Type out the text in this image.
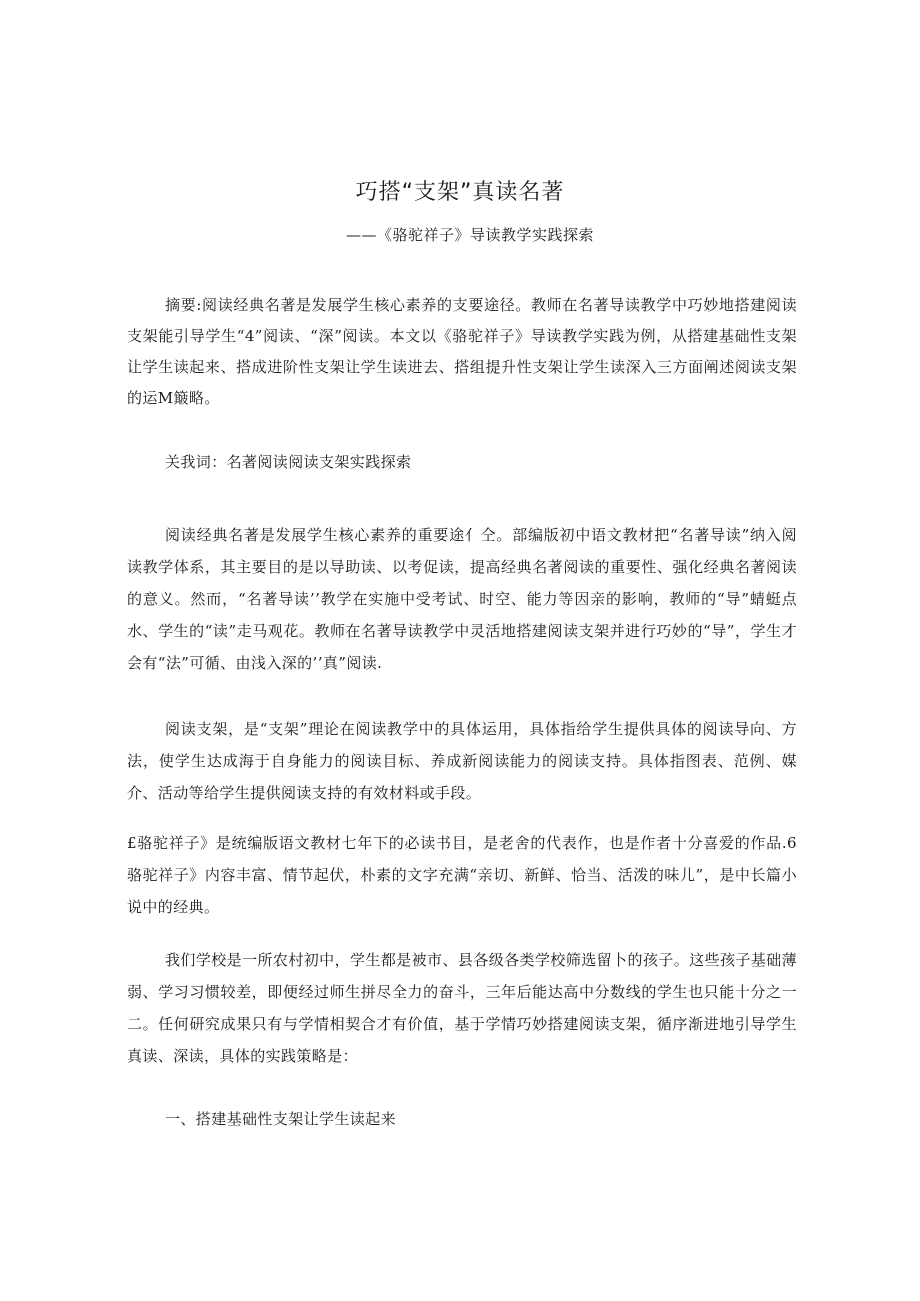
巧搭“支架”真读名著
——《骆驼祥子》导读教学实践探索
摘要:阅读经典名著是发展学生核心素养的支要途径。教师在名著导读教学中巧妙地搭建阅读支架能引导学生“4”阅读、“深”阅读。本文以《骆驼祥子》导读教学实践为例，从搭建基础性支架让学生读起来、搭成进阶性支架让学生读进去、搭组提升性支架让学生读深入三方面阐述阅读支架的运M簸略。
关我词：名著阅读阅读支架实践探索
阅读经典名著是发展学生核心素养的重要途亻仝。部编版初中语文教材把“名著导读”纳入阅读教学体系，其主要目的是以导助读、以考促读，提高经典名著阅读的重要性、强化经典名著阅读的意义。然而，“名著导读’’教学在实施中受考试、时空、能力等因亲的影响，教师的“导”蜻蜓点水、学生的“读”走马观花。教师在名著导读教学中灵活地搭建阅读支架并进行巧妙的“导”，学生才会有“法”可循、由浅入深的’’真”阅读.
阅读支架，是“支架”理论在阅读教学中的具体运用，具体指给学生提供具体的阅读导向、方法，使学生达成海于自身能力的阅读目标、养成新阅读能力的阅读支持。具体指图表、范例、媒介、活动等给学生提供阅读支持的有效材料或手段。
£骆驼祥子》是统编版语文教材七年下的必读书目，是老舍的代表作，也是作者十分喜爱的作品.6骆驼祥子》内容丰富、情节起伏，朴素的文字充满“亲切、新鲜、恰当、活泼的味儿”，是中长篇小说中的经典。
我们学校是一所农村初中，学生都是被市、县各级各类学校筛选留卜的孩子。这些孩子基础薄弱、学习习惯较差，即便经过师生拼尽全力的奋斗，三年后能达高中分数线的学生也只能十分之一二。任何研究成果只有与学情相契合才有价值，基于学情巧妙搭建阅读支架，循序渐进地引导学生真读、深读，具体的实践策略是：
一、搭建基础性支架让学生读起来
